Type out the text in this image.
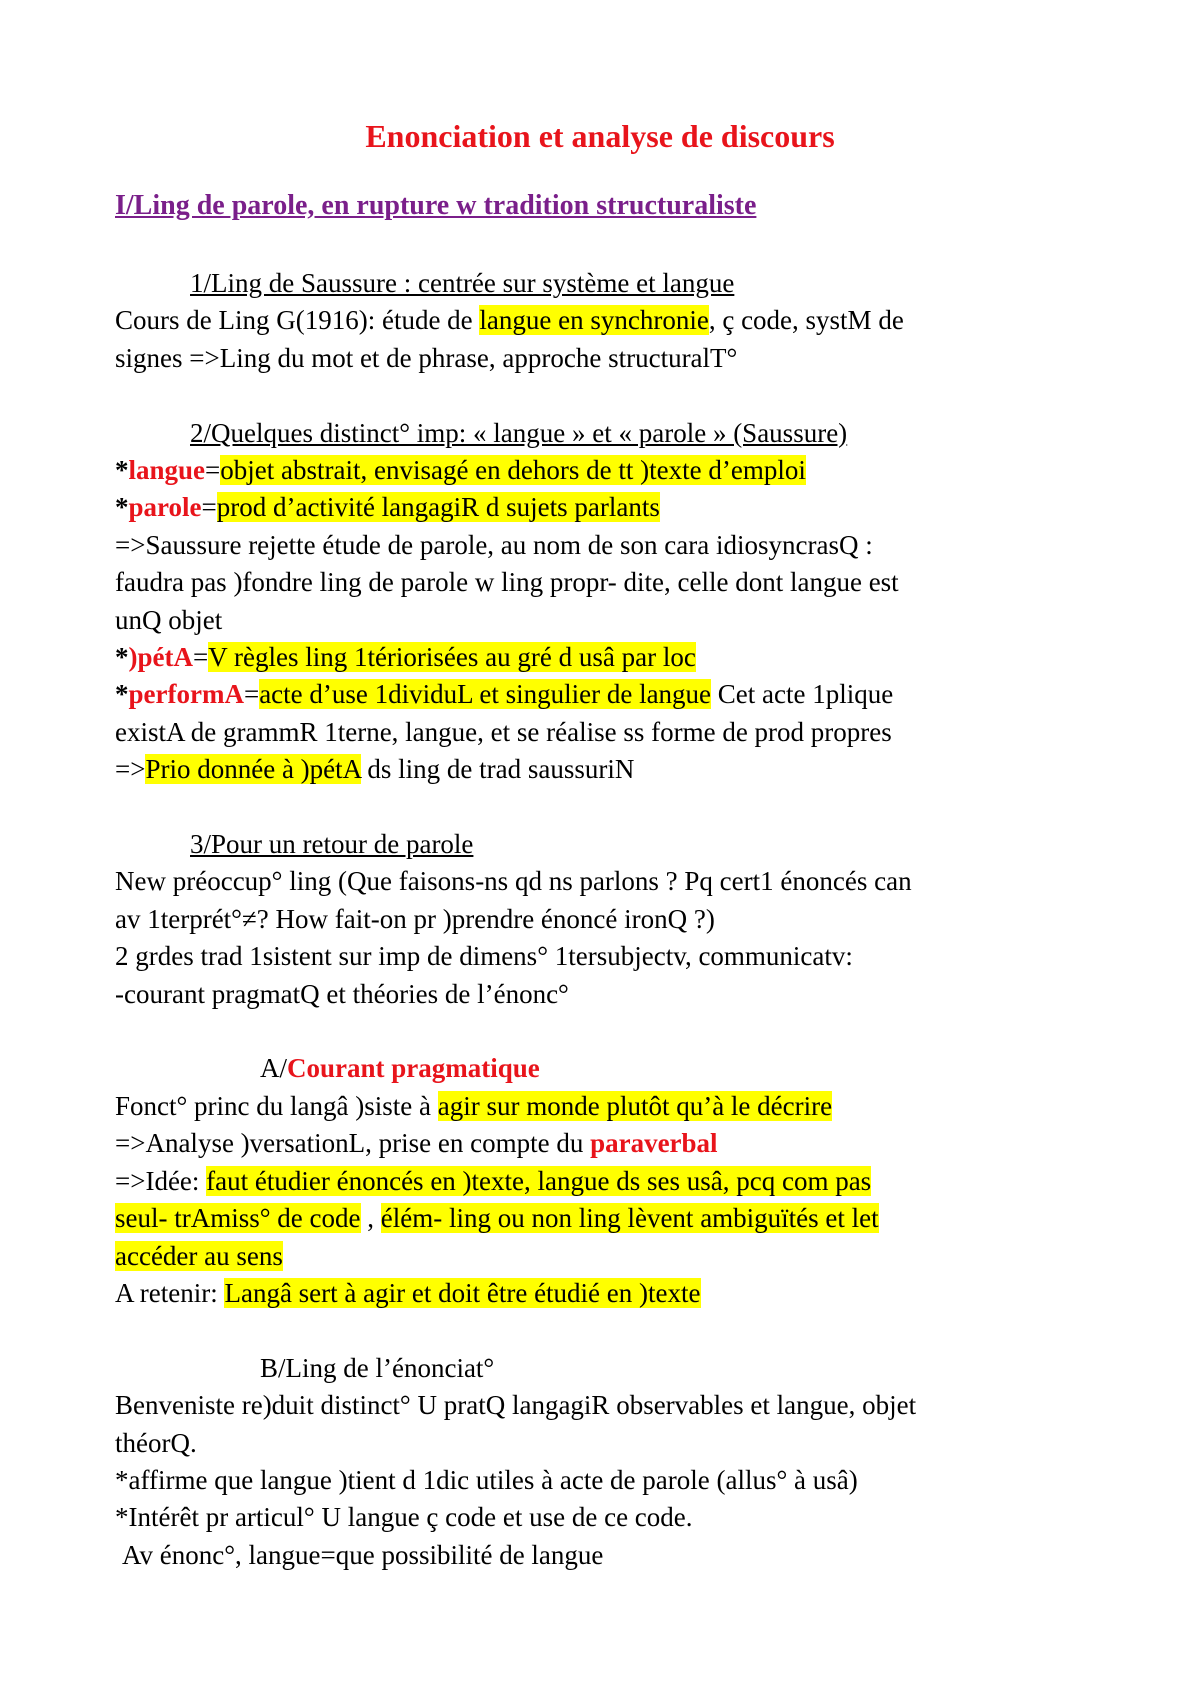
Enonciation et analyse de discours
I/Ling de parole, en rupture w tradition structuraliste

1/Ling de Saussure : centrée sur système et langue

Cours de Ling G(1916): étude de langue en synchronie, ç code, systM de

signes =>Ling du mot et de phrase, approche structuralT°

2/Quelques distinct° imp: « langue » et « parole » (Saussure)

*langue=objet abstrait, envisagé en dehors de tt )texte d’emploi

*parole=prod d’activité langagiR d sujets parlants

=>Saussure rejette étude de parole, au nom de son cara idiosyncrasQ :

faudra pas )fondre ling de parole w ling propr- dite, celle dont langue est

unQ objet

*)pétA=V règles ling 1tériorisées au gré d usâ par loc

*performA=acte d’use 1dividuL et singulier de langue Cet acte 1plique

existA de grammR 1terne, langue, et se réalise ss forme de prod propres

=>Prio donnée à )pétA ds ling de trad saussuriN

3/Pour un retour de parole

New préoccup° ling (Que faisons-ns qd ns parlons ? Pq cert1 énoncés can

av 1terprét°≠? How fait-on pr )prendre énoncé ironQ ?)

2 grdes trad 1sistent sur imp de dimens° 1tersubjectv, communicatv:

-courant pragmatQ et théories de l’énonc°

A/Courant pragmatique

Fonct° princ du langâ )siste à agir sur monde plutôt qu’à le décrire

=>Analyse )versationL, prise en compte du paraverbal

=>Idée: faut étudier énoncés en )texte, langue ds ses usâ, pcq com pas

seul- trAmiss° de code , élém- ling ou non ling lèvent ambiguïtés et let

accéder au sens

A retenir: Langâ sert à agir et doit être étudié en )texte

B/Ling de l’énonciat°

Benveniste re)duit distinct° U pratQ langagiR observables et langue, objet

théorQ.

*affirme que langue )tient d 1dic utiles à acte de parole (allus° à usâ)

*Intérêt pr articul° U langue ç code et use de ce code.

Av énonc°, langue=que possibilité de langue
